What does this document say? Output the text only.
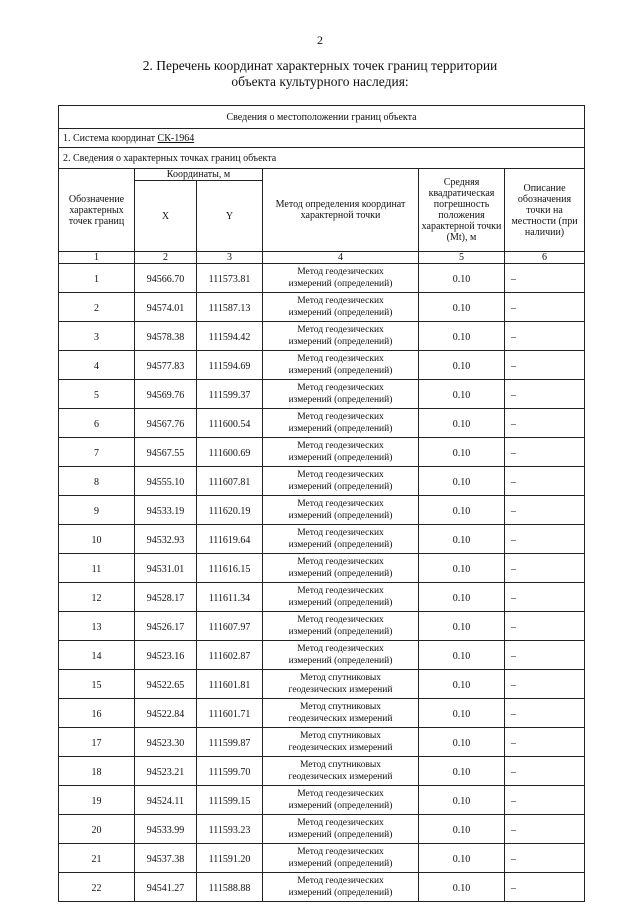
2
2. Перечень координат характерных точек границ территории
объекта культурного наследия:
Сведения о местоположении границ объекта					
1. Система координат СК-1964					
2. Сведения о характерных точках границ объекта					
Обозначение характерных точек границ	Координаты, м		Метод определения координат характерной точки	Средняя квадратическая погрешность положения характерной точки (Mt), м	Описание обозначения точки на местности (при наличии)
	X	Y			
1	2	3	4	5	6
1	94566.70	111573.81	Метод геодезических
измерений (определений)	0.10	–
2	94574.01	111587.13	Метод геодезических
измерений (определений)	0.10	–
3	94578.38	111594.42	Метод геодезических
измерений (определений)	0.10	–
4	94577.83	111594.69	Метод геодезических
измерений (определений)	0.10	–
5	94569.76	111599.37	Метод геодезических
измерений (определений)	0.10	–
6	94567.76	111600.54	Метод геодезических
измерений (определений)	0.10	–
7	94567.55	111600.69	Метод геодезических
измерений (определений)	0.10	–
8	94555.10	111607.81	Метод геодезических
измерений (определений)	0.10	–
9	94533.19	111620.19	Метод геодезических
измерений (определений)	0.10	–
10	94532.93	111619.64	Метод геодезических
измерений (определений)	0.10	–
11	94531.01	111616.15	Метод геодезических
измерений (определений)	0.10	–
12	94528.17	111611.34	Метод геодезических
измерений (определений)	0.10	–
13	94526.17	111607.97	Метод геодезических
измерений (определений)	0.10	–
14	94523.16	111602.87	Метод геодезических
измерений (определений)	0.10	–
15	94522.65	111601.81	Метод спутниковых
геодезических измерений	0.10	–
16	94522.84	111601.71	Метод спутниковых
геодезических измерений	0.10	–
17	94523.30	111599.87	Метод спутниковых
геодезических измерений	0.10	–
18	94523.21	111599.70	Метод спутниковых
геодезических измерений	0.10	–
19	94524.11	111599.15	Метод геодезических
измерений (определений)	0.10	–
20	94533.99	111593.23	Метод геодезических
измерений (определений)	0.10	–
21	94537.38	111591.20	Метод геодезических
измерений (определений)	0.10	–
22	94541.27	111588.88	Метод геодезических
измерений (определений)	0.10	–
